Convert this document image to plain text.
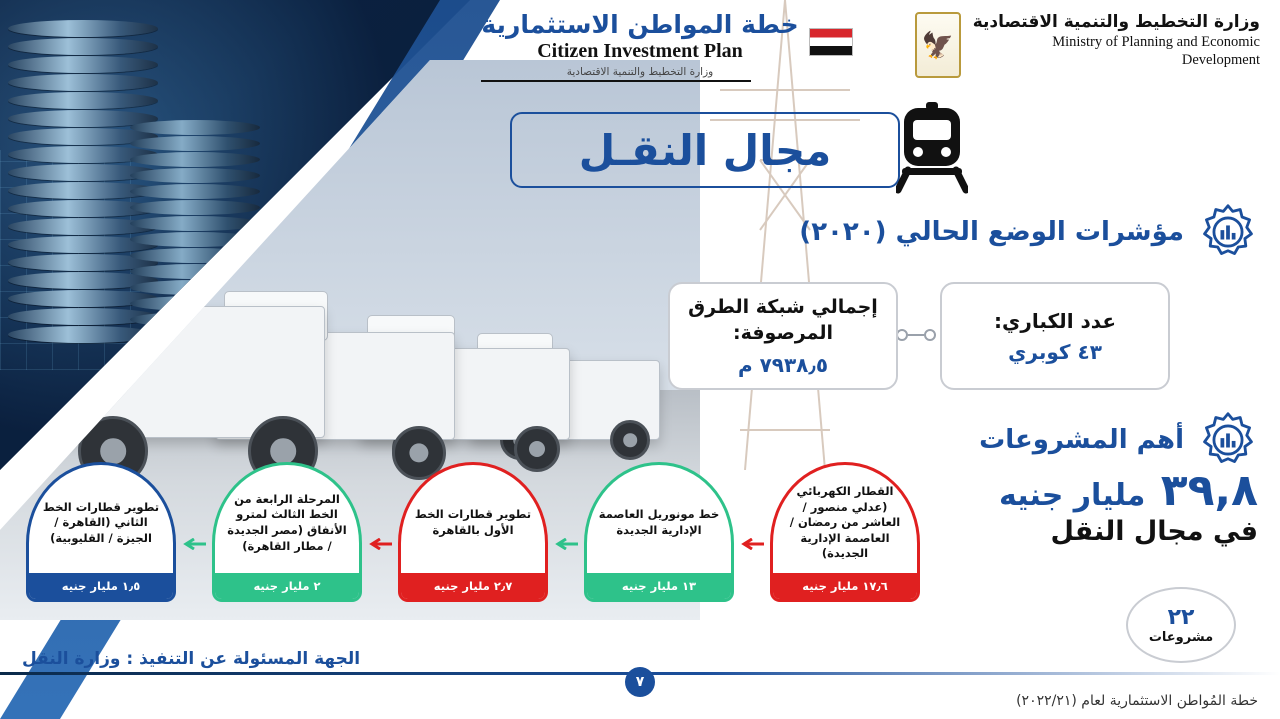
وزارة التخطيط والتنمية الاقتصادية
Ministry of Planning and Economic Development
🦅
خطة المواطن الاستثمارية
Citizen Investment Plan
وزارة التخطيط والتنمية الاقتصادية
مجال النقـل
مؤشرات الوضع الحالي (٢٠٢٠)
عدد الكباري:
٤٣ كوبري
إجمالي شبكة الطرق المرصوفة:
٧٩٣٨٫٥ م
أهم المشروعات
٣٩,٨ مليار جنيه
في مجال النقل
القطار الكهربائي (عدلي منصور / العاشر من رمضان / العاصمة الإدارية الجديدة)
١٧٫٦ مليار جنيه
خط مونوريل العاصمة الإدارية الجديدة
١٣ مليار جنيه
تطوير قطارات الخط الأول بالقاهرة
٢٫٧ مليار جنيه
المرحلة الرابعة من الخط الثالث لمترو الأنفاق (مصر الجديدة / مطار القاهرة)
٢ مليار جنيه
تطوير قطارات الخط الثاني (القاهرة / الجيزة / القليوبية)
١٫٥ مليار جنيه
٢٢
مشروعات
الجهة المسئولة عن التنفيذ : وزارة النقل
خطة المُواطن الاستثمارية لعام (٢٠٢٢/٢١)
٧
